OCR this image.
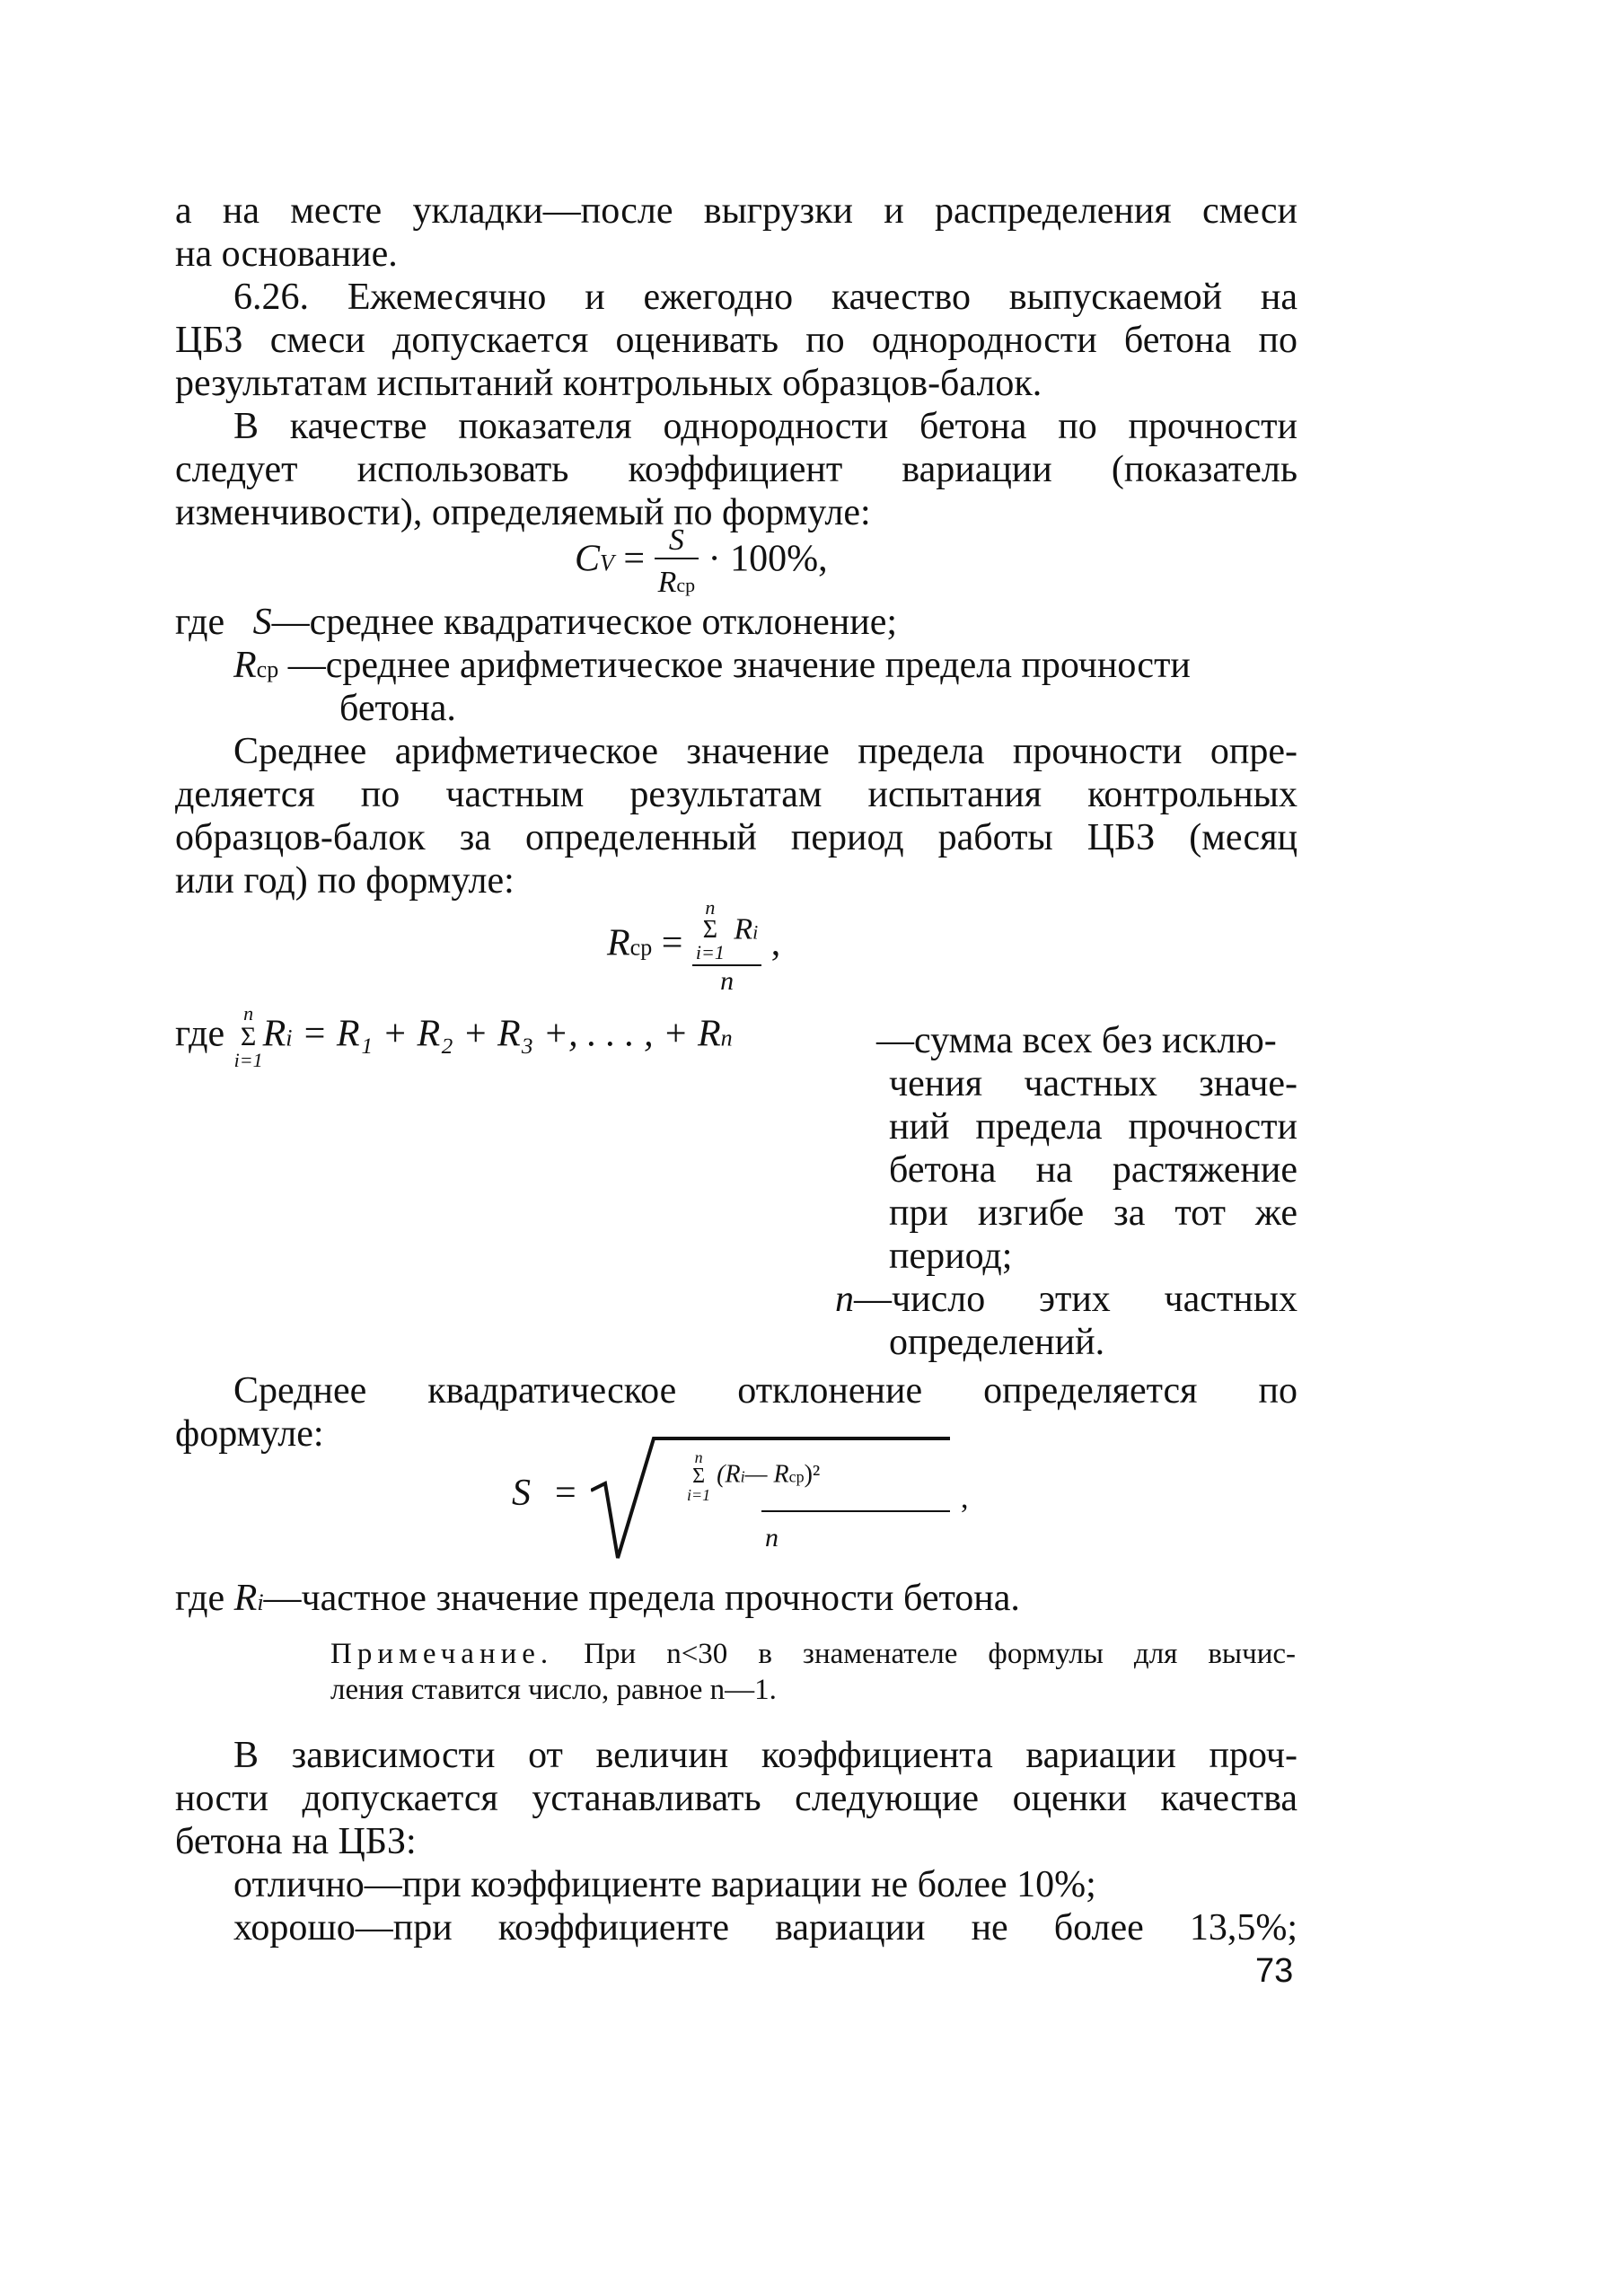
а на месте укладки—после выгрузки и распределения смеси
на основание.
6.26. Ежемесячно и ежегодно качество выпускаемой на
ЦБЗ смеси допускается оценивать по однородности бетона по
результатам испытаний контрольных образцов-балок.
В качестве показателя однородности бетона по прочности
следует использовать коэффициент вариации (показатель
изменчивости), определяемый по формуле:
CV = $\frac{S}{\text{Rср}} \cdot 100\%$,
где S—среднее квадратическое отклонение;
Rср —среднее арифметическое значение предела прочности
бетона.
Среднее арифметическое значение предела прочности опре-
деляется по частным результатам испытания контрольных
образцов-балок за определенный период работы ЦБЗ (месяц
или год) по формуле:
Rср = n
Σ
i=1
Ri
n ,
где
n
Σ
i=1
Ri = R₁ + R₂ + R₃ +, . . . , + Rn	—сумма всех без исклю-
чения частных значе-
ний предела прочности
бетона на растяжение
при изгибе за тот же
период;
n—число этих частных
определений.
Среднее квадратическое отклонение определяется по
формуле:
S =
n
Σ
i=1
(Ri— Rср)²
n
,
где Ri—частное значение предела прочности бетона.
Примечание. При n<30 в знаменателе формулы для вычис-
ления ставится число, равное n—1.
В зависимости от величин коэффициента вариации проч-
ности допускается устанавливать следующие оценки качества
бетона на ЦБЗ:
отлично—при коэффициенте вариации не более 10%;
хорошо—при коэффициенте вариации не более 13,5%;
73
